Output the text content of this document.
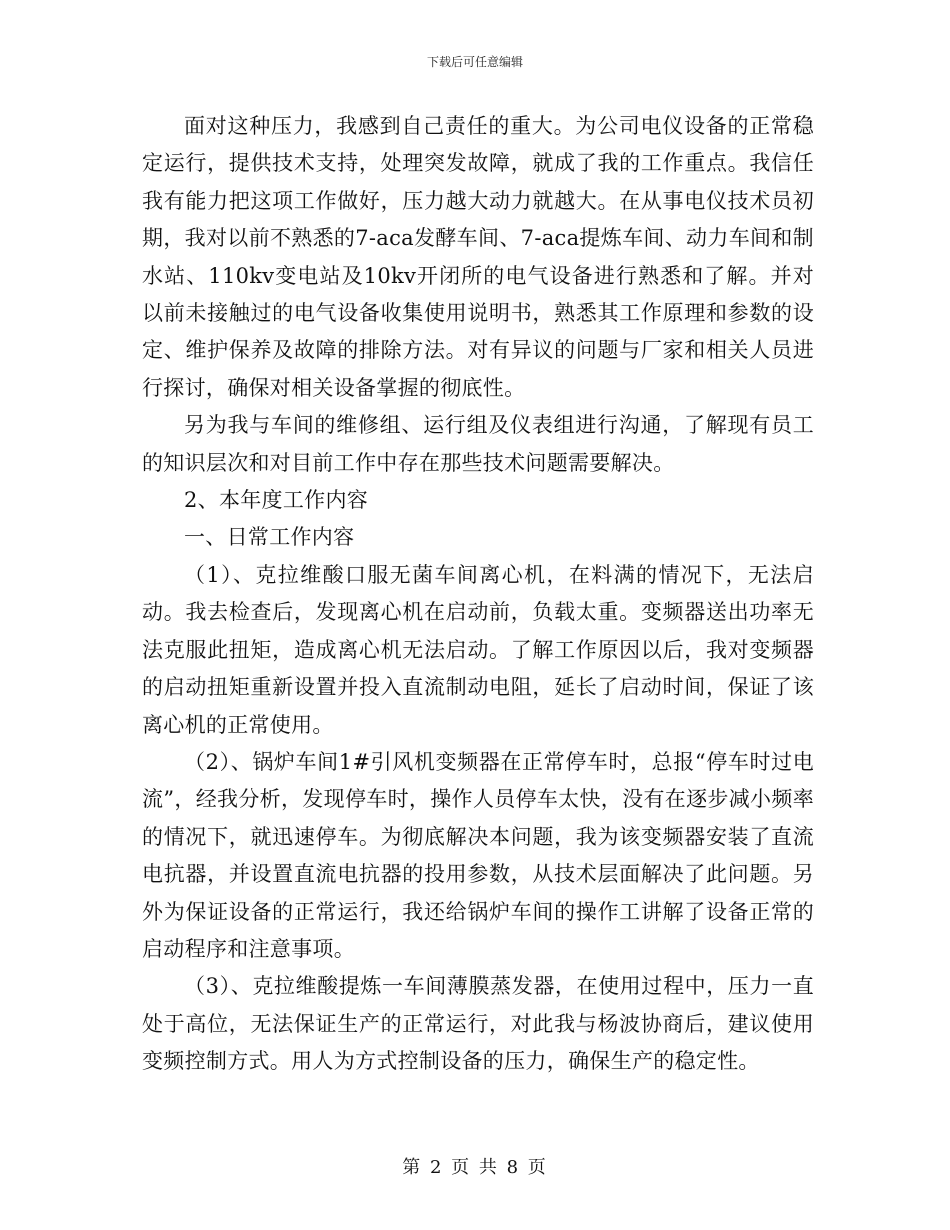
下载后可任意编辑

面对这种压力，我感到自己责任的重大。为公司电仪设备的正常稳定运行，提供技术支持，处理突发故障，就成了我的工作重点。我信任我有能力把这项工作做好，压力越大动力就越大。在从事电仪技术员初期，我对以前不熟悉的7-aca发酵车间、7-aca提炼车间、动力车间和制水站、110kv变电站及10kv开闭所的电气设备进行熟悉和了解。并对以前未接触过的电气设备收集使用说明书，熟悉其工作原理和参数的设定、维护保养及故障的排除方法。对有异议的问题与厂家和相关人员进行探讨，确保对相关设备掌握的彻底性。

另为我与车间的维修组、运行组及仪表组进行沟通，了解现有员工的知识层次和对目前工作中存在那些技术问题需要解决。

2、本年度工作内容

一、日常工作内容

（1）、克拉维酸口服无菌车间离心机，在料满的情况下，无法启动。我去检查后，发现离心机在启动前，负载太重。变频器送出功率无法克服此扭矩，造成离心机无法启动。了解工作原因以后，我对变频器的启动扭矩重新设置并投入直流制动电阻，延长了启动时间，保证了该离心机的正常使用。

（2）、锅炉车间1#引风机变频器在正常停车时，总报“停车时过电流”，经我分析，发现停车时，操作人员停车太快，没有在逐步减小频率的情况下，就迅速停车。为彻底解决本问题，我为该变频器安装了直流电抗器，并设置直流电抗器的投用参数，从技术层面解决了此问题。另外为保证设备的正常运行，我还给锅炉车间的操作工讲解了设备正常的启动程序和注意事项。

（3）、克拉维酸提炼一车间薄膜蒸发器，在使用过程中，压力一直处于高位，无法保证生产的正常运行，对此我与杨波协商后，建议使用变频控制方式。用人为方式控制设备的压力，确保生产的稳定性。

第 2 页 共 8 页
